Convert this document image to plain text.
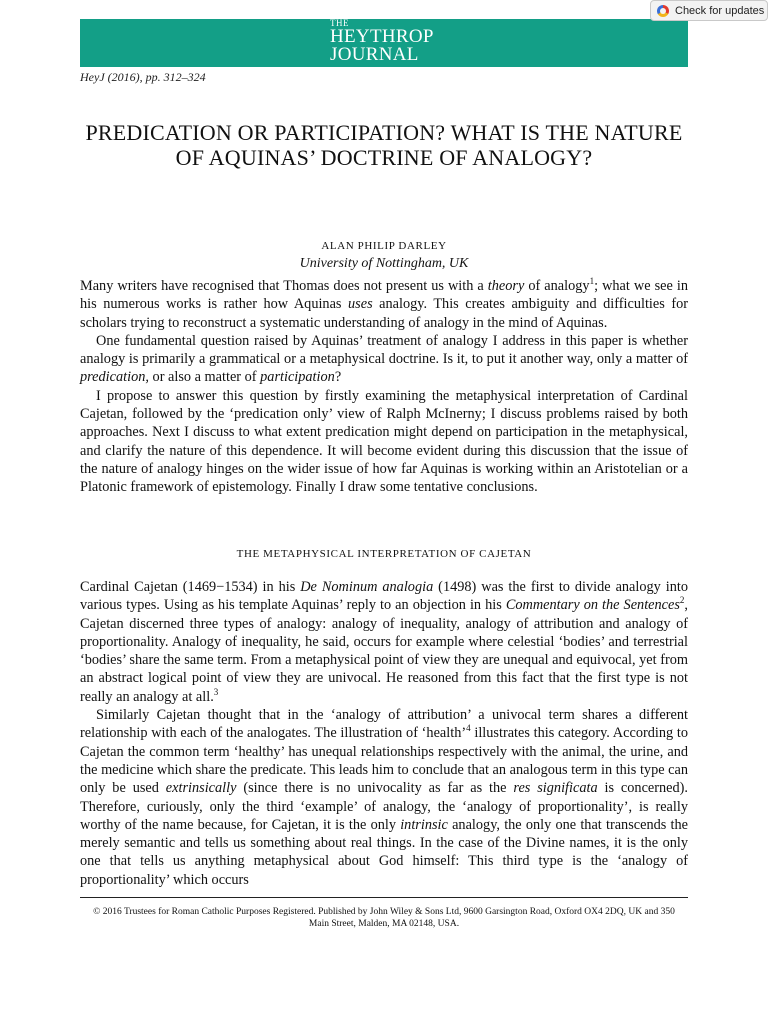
THE
HEYTHROP
JOURNAL
Check for updates
HeyJ (2016), pp. 312–324
PREDICATION OR PARTICIPATION? WHAT IS THE NATURE OF AQUINAS’ DOCTRINE OF ANALOGY?
ALAN PHILIP DARLEY
University of Nottingham, UK

Many writers have recognised that Thomas does not present us with a theory of analogy$^1$; what we see in his numerous works is rather how Aquinas uses analogy. This creates ambiguity and difficulties for scholars trying to reconstruct a systematic understanding of analogy in the mind of Aquinas.

One fundamental question raised by Aquinas’ treatment of analogy I address in this paper is whether analogy is primarily a grammatical or a metaphysical doctrine. Is it, to put it another way, only a matter of predication, or also a matter of participation?

I propose to answer this question by firstly examining the metaphysical interpretation of Cardinal Cajetan, followed by the ‘predication only’ view of Ralph McInerny; I discuss problems raised by both approaches. Next I discuss to what extent predication might depend on participation in the metaphysical, and clarify the nature of this dependence. It will become evident during this discussion that the issue of the nature of analogy hinges on the wider issue of how far Aquinas is working within an Aristotelian or a Platonic framework of epistemology. Finally I draw some tentative conclusions.

THE METAPHYSICAL INTERPRETATION OF CAJETAN

Cardinal Cajetan (1469−1534) in his De Nominum analogia (1498) was the first to divide analogy into various types. Using as his template Aquinas’ reply to an objection in his Commentary on the Sentences$^2$, Cajetan discerned three types of analogy: analogy of inequality, analogy of attribution and analogy of proportionality. Analogy of inequality, he said, occurs for example where celestial ‘bodies’ and terrestrial ‘bodies’ share the same term. From a metaphysical point of view they are unequal and equivocal, yet from an abstract logical point of view they are univocal. He reasoned from this fact that the first type is not really an analogy at all.$^3$

Similarly Cajetan thought that in the ‘analogy of attribution’ a univocal term shares a different relationship with each of the analogates. The illustration of ‘health’$^4$ illustrates this category. According to Cajetan the common term ‘healthy’ has unequal relationships respectively with the animal, the urine, and the medicine which share the predicate. This leads him to conclude that an analogous term in this type can only be used extrinsically (since there is no univocality as far as the res significata is concerned). Therefore, curiously, only the third ‘example’ of analogy, the ‘analogy of proportionality’, is really worthy of the name because, for Cajetan, it is the only intrinsic analogy, the only one that transcends the merely semantic and tells us something about real things. In the case of the Divine names, it is the only one that tells us anything metaphysical about God himself: This third type is the ‘analogy of proportionality’ which occurs

© 2016 Trustees for Roman Catholic Purposes Registered. Published by John Wiley & Sons Ltd, 9600 Garsington Road, Oxford OX4 2DQ, UK and 350
Main Street, Malden, MA 02148, USA.
